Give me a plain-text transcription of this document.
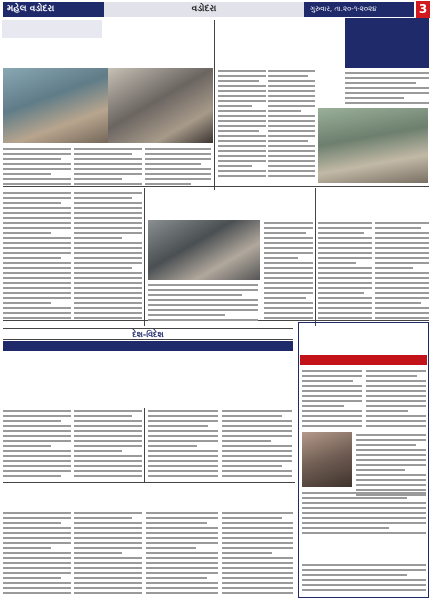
મહેલ વડોદરા	વડોદરા	ગુરુવાર, તા.૨૦-૧-૨૦૨૪	3
દેશ-વિદેશ
